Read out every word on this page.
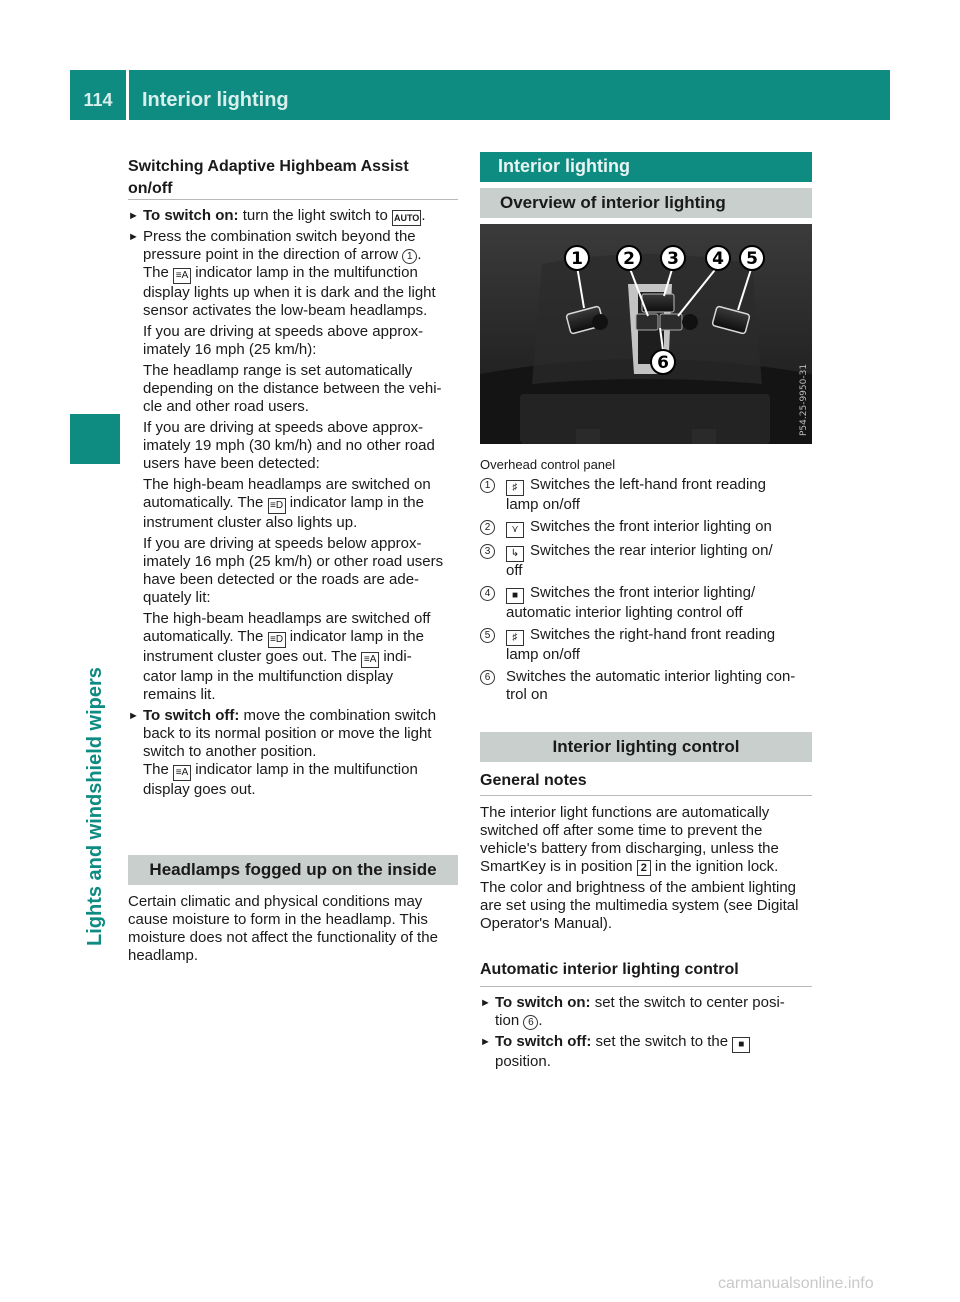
114	Interior lighting
Lights and windshield wipers
Switching Adaptive Highbeam Assist
on/off

► To switch on: turn the light switch to AUTO .

► Press the combination switch beyond the
pressure point in the direction of arrow 1 .
The ≡A indicator lamp in the multifunction
display lights up when it is dark and the light
sensor activates the low-beam headlamps.

If you are driving at speeds above approx-

imately 16 mph (25 km/h):

The headlamp range is set automatically

depending on the distance between the vehi-

cle and other road users.

If you are driving at speeds above approx-

imately 19 mph (30 km/h) and no other road

users have been detected:

The high-beam headlamps are switched on

automatically. The ≡D indicator lamp in the

instrument cluster also lights up.

If you are driving at speeds below approx-

imately 16 mph (25 km/h) or other road users

have been detected or the roads are ade-

quately lit:

The high-beam headlamps are switched off

automatically. The ≡D indicator lamp in the

instrument cluster goes out. The ≡A indi-

cator lamp in the multifunction display

remains lit.

► To switch off: move the combination switch
back to its normal position or move the light
switch to another position.
The ≡A indicator lamp in the multifunction
display goes out.

Headlamps fogged up on the inside

Certain climatic and physical conditions may

cause moisture to form in the headlamp. This

moisture does not affect the functionality of the

headlamp.

Interior lighting
Overview of interior lighting
1 2 3 4 5
6
P54.25-9950-31
Overhead control panel

1	♯ Switches the left-hand front reading
lamp on/off

2	⋎ Switches the front interior lighting on

3	↳ Switches the rear interior lighting on/
off

4	■ Switches the front interior lighting/
automatic interior lighting control off

5	♯ Switches the right-hand front reading
lamp on/off

6	Switches the automatic interior lighting con-
trol on

Interior lighting control
General notes

The interior light functions are automatically

switched off after some time to prevent the

vehicle's battery from discharging, unless the

SmartKey is in position 2 in the ignition lock.

The color and brightness of the ambient lighting

are set using the multimedia system (see Digital

Operator's Manual).

Automatic interior lighting control

► To switch on: set the switch to center posi-
tion 6 .

► To switch off: set the switch to the ■
position.

carmanualsonline.info
